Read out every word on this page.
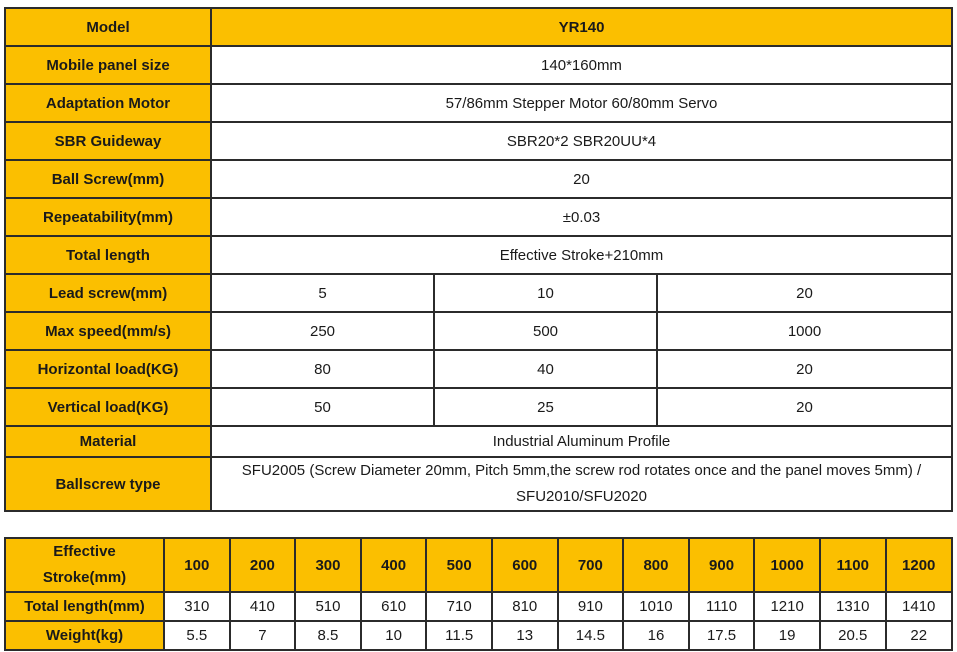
Model	YR140		
Mobile panel size	140*160mm		
Adaptation Motor	57/86mm Stepper Motor 60/80mm Servo		
SBR Guideway	SBR20*2 SBR20UU*4		
Ball Screw(mm)	20		
Repeatability(mm)	±0.03		
Total length	Effective Stroke+210mm		
Lead screw(mm)	5	10	20
Max speed(mm/s)	250	500	1000
Horizontal load(KG)	80	40	20
Vertical load(KG)	50	25	20
Material	Industrial Aluminum Profile		
Ballscrew type	SFU2005 (Screw Diameter 20mm, Pitch 5mm,the screw rod rotates once and the panel moves 5mm) /
SFU2010/SFU2020		
Effective
Stroke(mm)	100	200	300	400	500	600	700	800	900	1000	1100	1200
Total length(mm)	310	410	510	610	710	810	910	1010	1110	1210	1310	1410
Weight(kg)	5.5	7	8.5	10	11.5	13	14.5	16	17.5	19	20.5	22
